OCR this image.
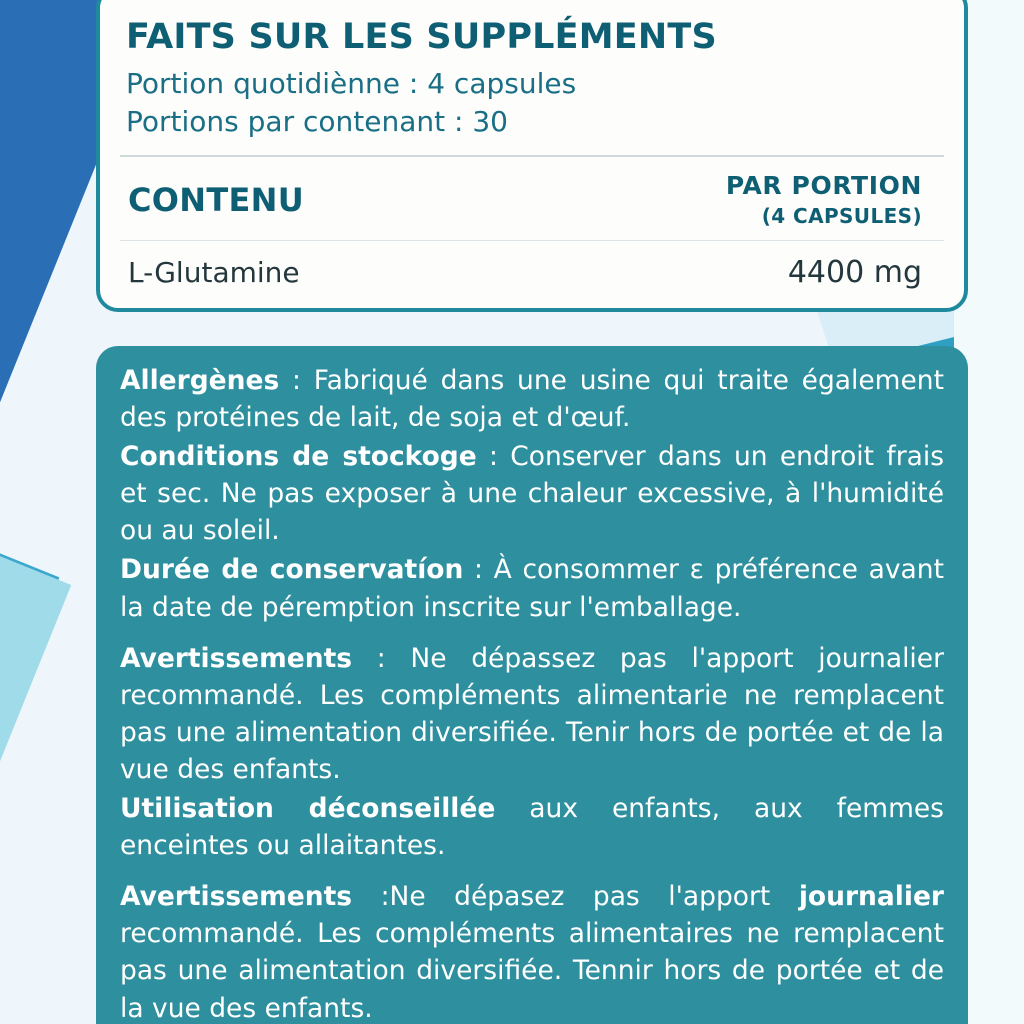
FAITS SUR LES SUPPLÉMENTS
Portion quotidiènne : 4 capsules
Portions par contenant : 30
CONTENU	PAR PORTION
(4 CAPSULES)
L-Glutamine	4400 mg

Allergènes : Fabriqué dans une usine qui traite également des protéines de lait, de soja et d'œuf.

Conditions de stockoge : Conserver dans un endroit frais et sec. Ne pas exposer à une chaleur excessive, à l'humidité ou au soleil.

Durée de conservatíon : À consommer ɛ préférence avant la date de péremption inscrite sur l'emballage.

Avertissements : Ne dépassez pas l'apport journalier recommandé. Les compléments alimentarie ne remplacent pas une alimentation diversifiée. Tenir hors de portée et de la vue des enfants.

Utilisation déconseillée aux enfants, aux femmes enceintes ou allaitantes.

Avertissements :Ne dépasez pas l'apport journalier recommandé. Les compléments alimentaires ne remplacent pas une alimentation diversifiée. Tennir hors de portée et de la vue des enfants.
